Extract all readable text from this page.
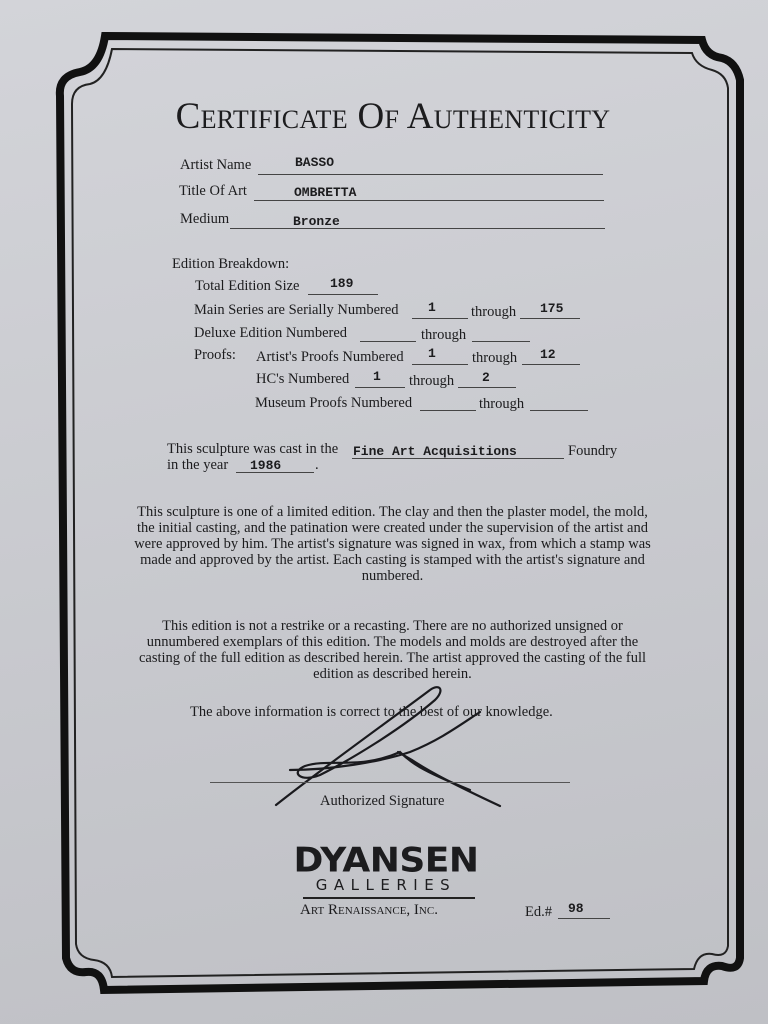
Certificate Of Authenticity
Artist Name	BASSO
Title Of Art	OMBRETTA
Medium	Bronze
Edition Breakdown:
Total Edition Size 189
Main Series are Serially Numbered 1 through 175
Deluxe Edition Numbered	through
Proofs: Artist's Proofs Numbered 1 through 12
HC's Numbered 1 through 2
Museum Proofs Numbered	through
This sculpture was cast in the Fine Art Acquisitions	Foundry
in the year 1986 .
This sculpture is one of a limited edition. The clay and then the plaster model, the mold, the initial casting, and the patination were created under the supervision of the artist and were approved by him. The artist's signature was signed in wax, from which a stamp was made and approved by the artist. Each casting is stamped with the artist's signature and numbered.
This edition is not a restrike or a recasting. There are no authorized unsigned or unnumbered exemplars of this edition. The models and molds are destroyed after the casting of the full edition as described herein. The artist approved the casting of the full edition as described herein.
The above information is correct to the best of our knowledge.
Authorized Signature
DYANSEN
GALLERIES
Art Renaissance, Inc.	Ed.# 98
